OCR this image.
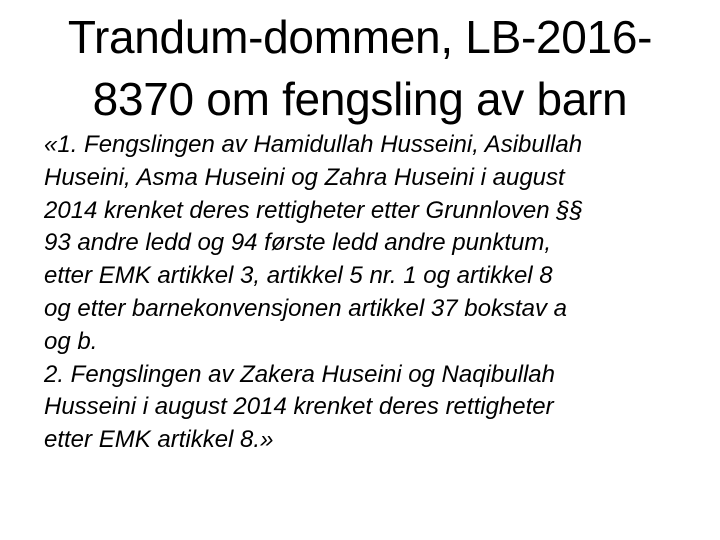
Trandum-dommen, LB-2016-
8370 om fengsling av barn
«1. Fengslingen av Hamidullah Husseini, Asibullah
Huseini, Asma Huseini og Zahra Huseini i august
2014 krenket deres rettigheter etter Grunnloven §§
93 andre ledd og 94 første ledd andre punktum,
etter EMK artikkel 3, artikkel 5 nr. 1 og artikkel 8
og etter barnekonvensjonen artikkel 37 bokstav a
og b.
2. Fengslingen av Zakera Huseini og Naqibullah
Husseini i august 2014 krenket deres rettigheter
etter EMK artikkel 8.»
